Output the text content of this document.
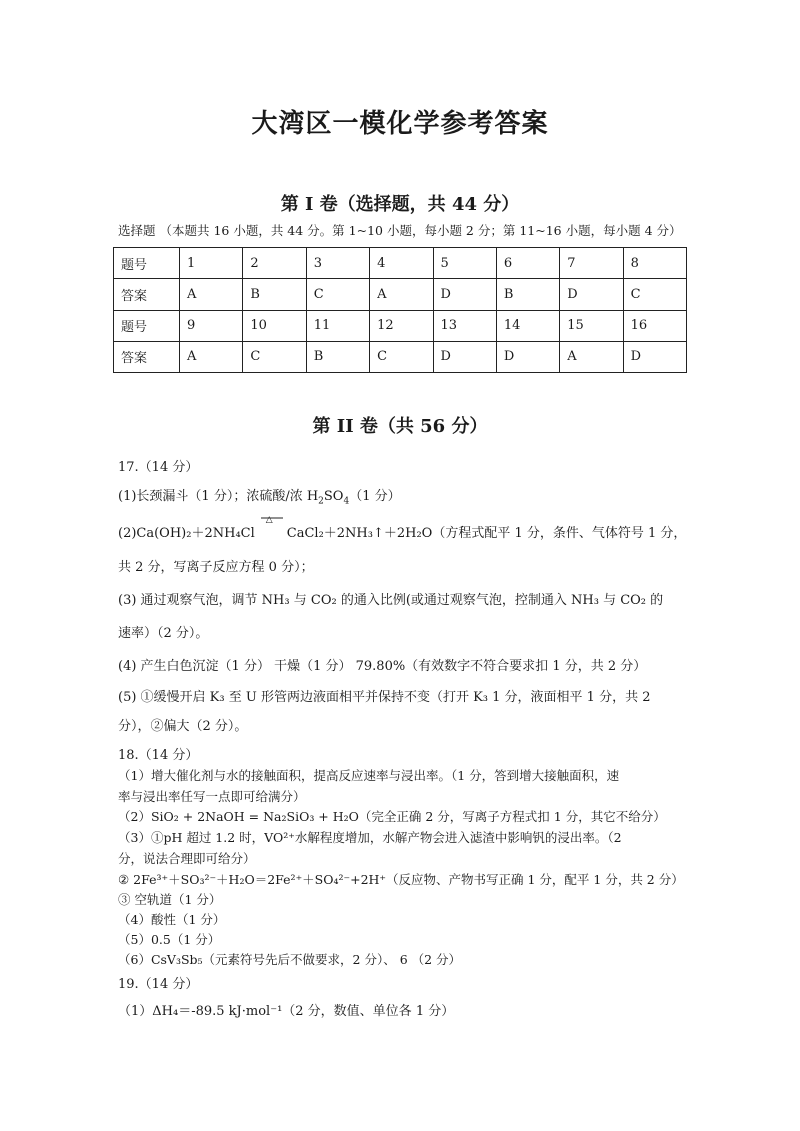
大湾区一模化学参考答案
第 I 卷（选择题，共 44 分）
选择题 （本题共 16 小题，共 44 分。第 1~10 小题，每小题 2 分；第 11~16 小题，每小题 4 分）
题号	1	2	3	4	5	6	7	8
答案	A	B	C	A	D	B	D	C
题号	9	10	11	12	13	14	15	16
答案	A	C	B	C	D	D	A	D
第 II 卷（共 56 分）
17.（14 分）
(1)长颈漏斗（1 分）；浓硫酸/浓 $H_2SO_4(1$ 分）
(2)Ca(OH)₂＋2NH₄Cl
△
CaCl₂＋2NH₃↑＋2H₂O（方程式配平 1 分，条件、气体符号 1 分，
共 2 分，写离子反应方程 0 分）；
(3) 通过观察气泡，调节 NH₃ 与 CO₂ 的通入比例(或通过观察气泡，控制通入 NH₃ 与 CO₂ 的
速率）（2 分）。
(4) 产生白色沉淀（1 分） 干燥（1 分） 79.80%（有效数字不符合要求扣 1 分，共 2 分）
(5) ①缓慢开启 K₃ 至 U 形管两边液面相平并保持不变（打开 K₃ 1 分，液面相平 1 分，共 2
分），②偏大（2 分）。
18.（14 分）
（1）增大催化剂与水的接触面积，提高反应速率与浸出率。（1 分，答到增大接触面积，速
率与浸出率任写一点即可给满分）
（2）SiO₂ + 2NaOH = Na₂SiO₃ + H₂O（完全正确 2 分，写离子方程式扣 1 分，其它不给分）
（3）①pH 超过 1.2 时，VO²⁺水解程度增加，水解产物会进入滤渣中影响钒的浸出率。（2
分，说法合理即可给分）
② 2Fe³⁺＋SO₃²⁻＋H₂O＝2Fe²⁺＋SO₄²⁻+2H⁺（反应物、产物书写正确 1 分，配平 1 分，共 2 分）
③ 空轨道（1 分）
（4）酸性（1 分）
（5）0.5（1 分）
（6）CsV₃Sb₅（元素符号先后不做要求，2 分）、 6 （2 分）
19.（14 分）
（1）ΔH₄＝-89.5 kJ·mol⁻¹（2 分，数值、单位各 1 分）
